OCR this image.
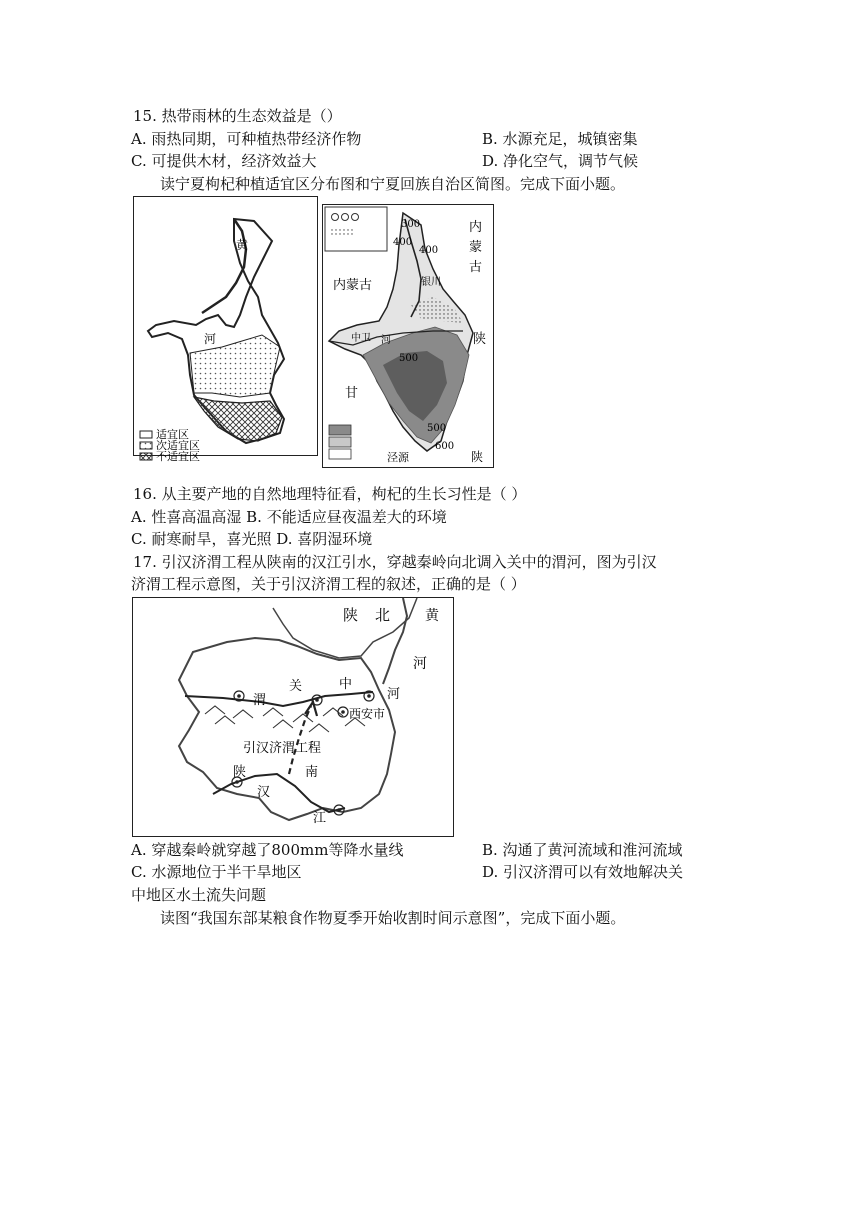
15. 热带雨林的生态效益是（）
A. 雨热同期，可种植热带经济作物	B. 水源充足，城镇密集
C. 可提供木材，经济效益大	D. 净化空气，调节气候
读宁夏枸杞种植适宜区分布图和宁夏回族自治区简图。完成下面小题。
黄
河
适宜区
次适宜区
不适宜区
内
蒙
古
内蒙古
陕
甘
陕
银川
中卫 河
泾源
300
400
400
500
500
600
16. 从主要产地的自然地理特征看，枸杞的生长习性是（ ）
A. 性喜高温高湿 B. 不能适应昼夜温差大的环境
C. 耐寒耐旱，喜光照 D. 喜阴湿环境
17. 引汉济渭工程从陕南的汉江引水，穿越秦岭向北调入关中的渭河，图为引汉
济渭工程示意图，关于引汉济渭工程的叙述，正确的是（ ）
陕 北 黄
河
关	中
渭	河
西安市
引汉济渭工程
陕	南
汉
江
A. 穿越秦岭就穿越了800mm等降水量线	B. 沟通了黄河流域和淮河流域
C. 水源地位于半干旱地区	D. 引汉济渭可以有效地解决关
中地区水土流失问题
读图“我国东部某粮食作物夏季开始收割时间示意图”，完成下面小题。
